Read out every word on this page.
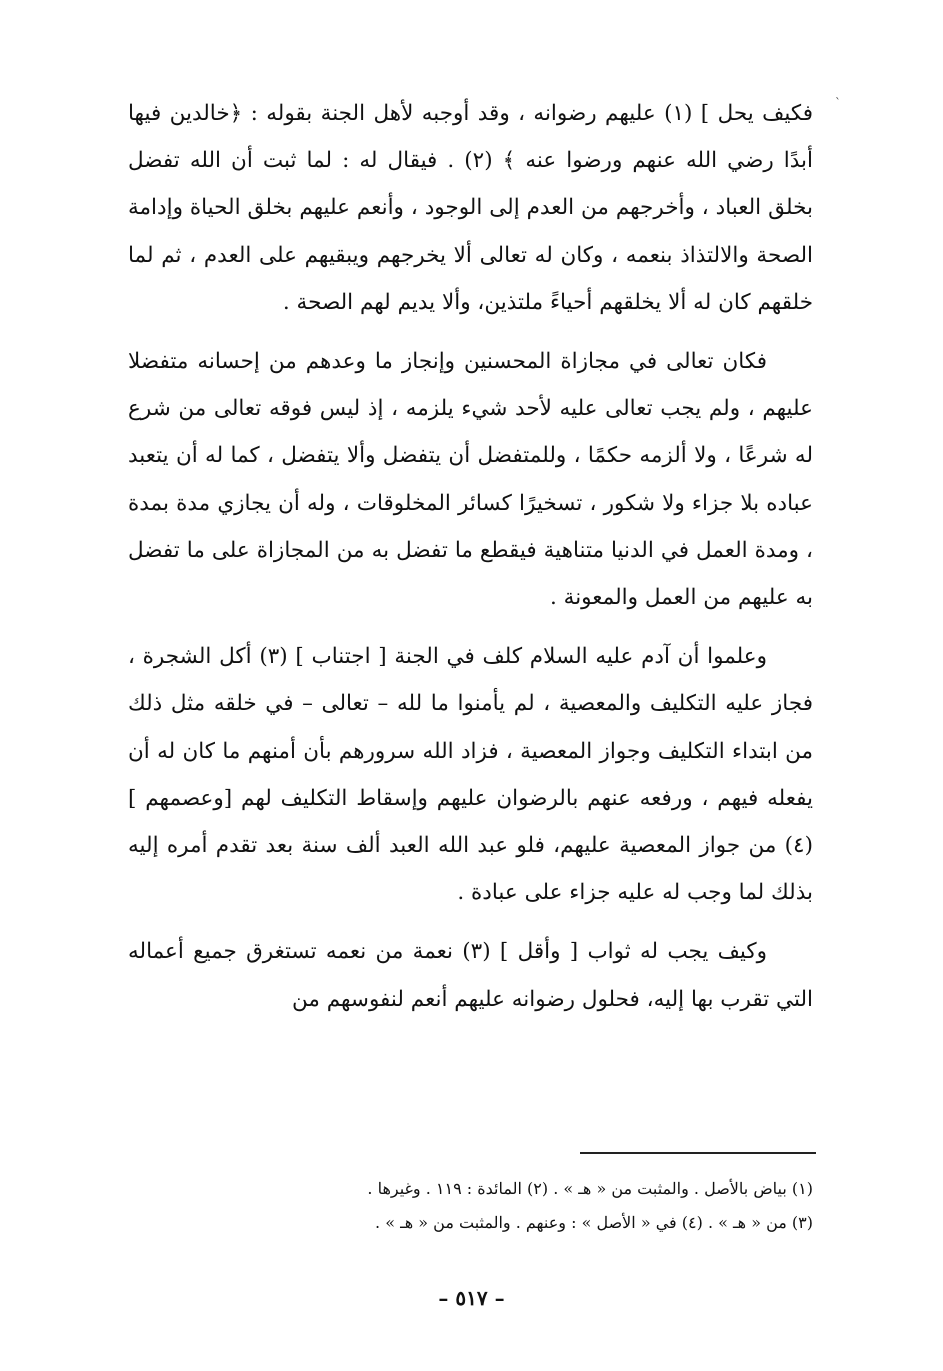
ˋ

فكيف يحل ] (١) عليهم رضوانه ، وقد أوجبه لأهل الجنة بقوله : ﴿خالدين فيها أبدًا رضي الله عنهم ورضوا عنه ﴾ (٢) . فيقال له : لما ثبت أن الله تفضل بخلق العباد ، وأخرجهم من العدم إلى الوجود ، وأنعم عليهم بخلق الحياة وإدامة الصحة والالتذاذ بنعمه ، وكان له تعالى ألا يخرجهم ويبقيهم على العدم ، ثم لما خلقهم كان له ألا يخلقهم أحياءً ملتذين، وألا يديم لهم الصحة .

فكان تعالى في مجازاة المحسنين وإنجاز ما وعدهم من إحسانه متفضلا عليهم ، ولم يجب تعالى عليه لأحد شيء يلزمه ، إذ ليس فوقه تعالى من شرع له شرعًا ، ولا ألزمه حكمًا ، وللمتفضل أن يتفضل وألا يتفضل ، كما له أن يتعبد عباده بلا جزاء ولا شكور ، تسخيرًا كسائر المخلوقات ، وله أن يجازي مدة بمدة ، ومدة العمل في الدنيا متناهية فيقطع ما تفضل به من المجازاة على ما تفضل به عليهم من العمل والمعونة .

وعلموا أن آدم عليه السلام كلف في الجنة [ اجتناب ] (٣) أكل الشجرة ، فجاز عليه التكليف والمعصية ، لم يأمنوا ما لله – تعالى – في خلقه مثل ذلك من ابتداء التكليف وجواز المعصية ، فزاد الله سرورهم بأن أمنهم ما كان له أن يفعله فيهم ، ورفعه عنهم بالرضوان عليهم وإسقاط التكليف لهم [وعصمهم ] (٤) من جواز المعصية عليهم، فلو عبد الله العبد ألف سنة بعد تقدم أمره إليه بذلك لما وجب له عليه جزاء على عبادة .

وكيف يجب له ثواب [ وأقل ] (٣) نعمة من نعمه تستغرق جميع أعماله التي تقرب بها إليه، فحلول رضوانه عليهم أنعم لنفوسهم من

(١) بياض بالأصل . والمثبت من « هـ » . (٢) المائدة : ١١٩ . وغيرها .
(٣) من « هـ » . (٤) في « الأصل » : وعنهم . والمثبت من « هـ » .
– ٥١٧ –
